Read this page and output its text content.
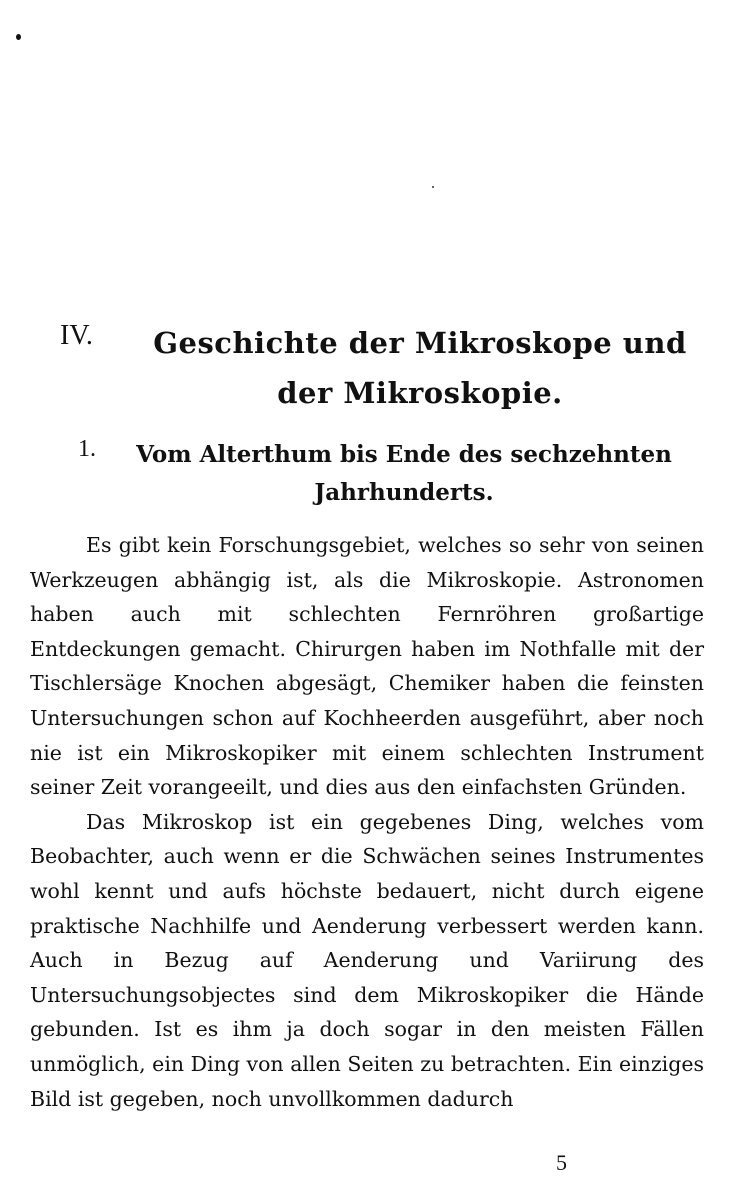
IV.	Geschichte der Mikroskope und der Mikroskopie.
1. Vom Alterthum bis Ende des sechzehnten Jahrhunderts.

Es gibt kein Forschungsgebiet, welches so sehr von seinen Werkzeugen abhängig ist, als die Mikroskopie. Astronomen haben auch mit schlechten Fernröhren großartige Entdeckungen gemacht. Chirurgen haben im Nothfalle mit der Tischlersäge Knochen abgesägt, Chemiker haben die feinsten Untersuchungen schon auf Kochheerden ausgeführt, aber noch nie ist ein Mikroskopiker mit einem schlechten Instrument seiner Zeit vorangeeilt, und dies aus den einfachsten Gründen.

Das Mikroskop ist ein gegebenes Ding, welches vom Beobachter, auch wenn er die Schwächen seines Instrumentes wohl kennt und aufs höchste bedauert, nicht durch eigene praktische Nachhilfe und Aenderung verbessert werden kann. Auch in Bezug auf Aenderung und Variirung des Untersuchungsobjectes sind dem Mikroskopiker die Hände gebunden. Ist es ihm ja doch sogar in den meisten Fällen unmöglich, ein Ding von allen Seiten zu betrachten. Ein einziges Bild ist gegeben, noch unvollkommen dadurch

5
